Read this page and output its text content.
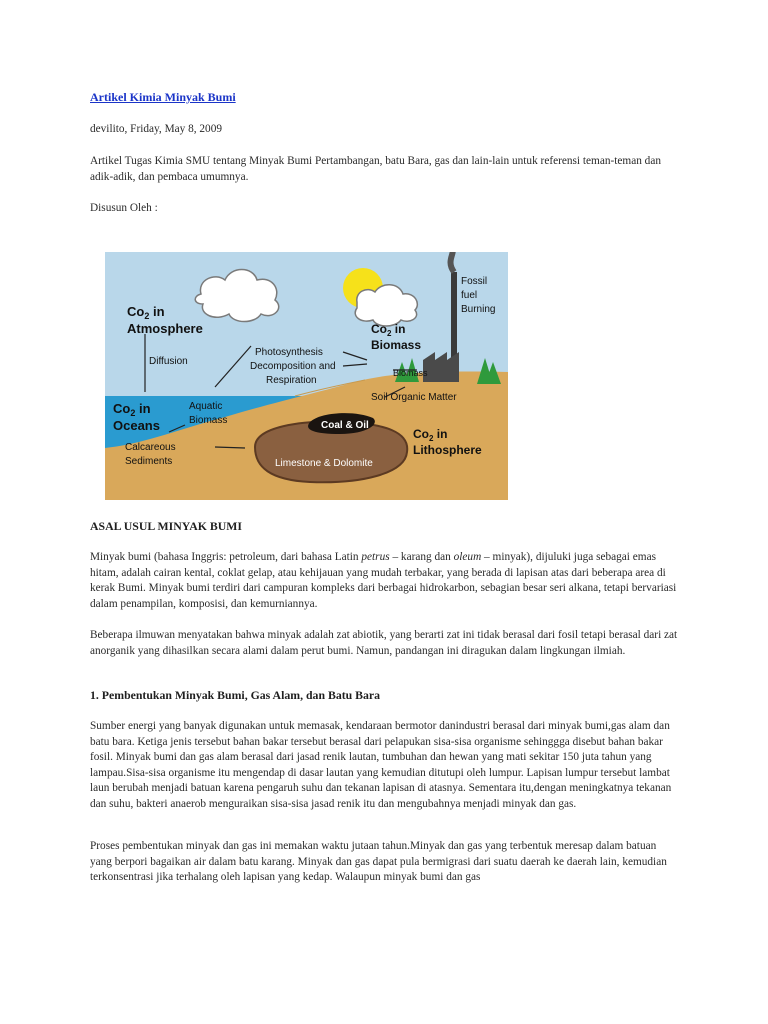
Artikel Kimia Minyak Bumi

devilito, Friday, May 8, 2009

Artikel Tugas Kimia SMU tentang Minyak Bumi Pertambangan, batu Bara, gas dan lain-lain untuk referensi teman-teman dan adik-adik, dan pembaca umumnya.

Disusun Oleh :

$Co_2$ in
Atmosphere
Diffusion
Photosynthesis
Decomposition and
Respiration
$Co_2$ in
Biomass
Fossil
fuel
Burning
Biomass
Soil Organic Matter
$Co_2$ in
Oceans
Aquatic
Biomass
Calcareous
Sediments
Coal & Oil
Limestone & Dolomite
$Co_2$ in
Lithosphere

ASAL USUL MINYAK BUMI

Minyak bumi (bahasa Inggris: petroleum, dari bahasa Latin petrus – karang dan oleum – minyak), dijuluki juga sebagai emas hitam, adalah cairan kental, coklat gelap, atau kehijauan yang mudah terbakar, yang berada di lapisan atas dari beberapa area di kerak Bumi. Minyak bumi terdiri dari campuran kompleks dari berbagai hidrokarbon, sebagian besar seri alkana, tetapi bervariasi dalam penampilan, komposisi, dan kemurniannya.

Beberapa ilmuwan menyatakan bahwa minyak adalah zat abiotik, yang berarti zat ini tidak berasal dari fosil tetapi berasal dari zat anorganik yang dihasilkan secara alami dalam perut bumi. Namun, pandangan ini diragukan dalam lingkungan ilmiah.

1. Pembentukan Minyak Bumi, Gas Alam, dan Batu Bara

Sumber energi yang banyak digunakan untuk memasak, kendaraan bermotor danindustri berasal dari minyak bumi,gas alam dan batu bara. Ketiga jenis tersebut bahan bakar tersebut berasal dari pelapukan sisa-sisa organisme sehinggga disebut bahan bakar fosil. Minyak bumi dan gas alam berasal dari jasad renik lautan, tumbuhan dan hewan yang mati sekitar 150 juta tahun yang lampau.Sisa-sisa organisme itu mengendap di dasar lautan yang kemudian ditutupi oleh lumpur. Lapisan lumpur tersebut lambat laun berubah menjadi batuan karena pengaruh suhu dan tekanan lapisan di atasnya. Sementara itu,dengan meningkatnya tekanan dan suhu, bakteri anaerob menguraikan sisa-sisa jasad renik itu dan mengubahnya menjadi minyak dan gas.

Proses pembentukan minyak dan gas ini memakan waktu jutaan tahun.Minyak dan gas yang terbentuk meresap dalam batuan yang berpori bagaikan air dalam batu karang. Minyak dan gas dapat pula bermigrasi dari suatu daerah ke daerah lain, kemudian terkonsentrasi jika terhalang oleh lapisan yang kedap. Walaupun minyak bumi dan gas
